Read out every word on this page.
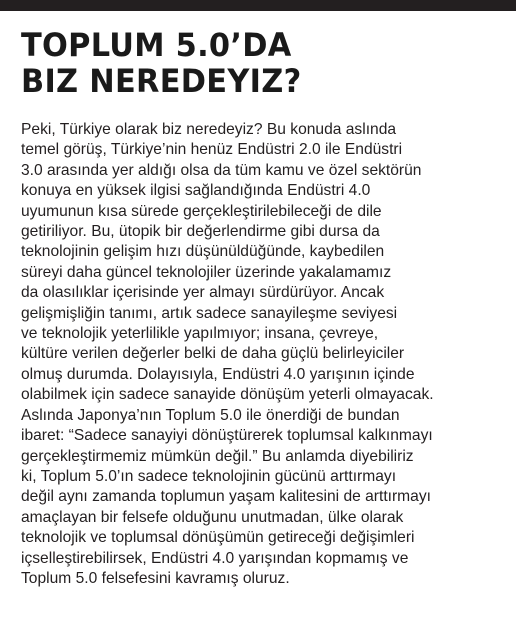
TOPLUM 5.0’DA
BIZ NEREDEYIZ?
Peki, Türkiye olarak biz neredeyiz? Bu konuda aslında
temel görüş, Türkiye’nin henüz Endüstri 2.0 ile Endüstri
3.0 arasında yer aldığı olsa da tüm kamu ve özel sektörün
konuya en yüksek ilgisi sağlandığında Endüstri 4.0
uyumunun kısa sürede gerçekleştirilebileceği de dile
getiriliyor. Bu, ütopik bir değerlendirme gibi dursa da
teknolojinin gelişim hızı düşünüldüğünde, kaybedilen
süreyi daha güncel teknolojiler üzerinde yakalamamız
da olasılıklar içerisinde yer almayı sürdürüyor. Ancak
gelişmişliğin tanımı, artık sadece sanayileşme seviyesi
ve teknolojik yeterlilikle yapılmıyor; insana, çevreye,
kültüre verilen değerler belki de daha güçlü belirleyiciler
olmuş durumda. Dolayısıyla, Endüstri 4.0 yarışının içinde
olabilmek için sadece sanayide dönüşüm yeterli olmayacak.
Aslında Japonya’nın Toplum 5.0 ile önerdiği de bundan
ibaret: “Sadece sanayiyi dönüştürerek toplumsal kalkınmayı
gerçekleştirmemiz mümkün değil.” Bu anlamda diyebiliriz
ki, Toplum 5.0’ın sadece teknolojinin gücünü arttırmayı
değil aynı zamanda toplumun yaşam kalitesini de arttırmayı
amaçlayan bir felsefe olduğunu unutmadan, ülke olarak
teknolojik ve toplumsal dönüşümün getireceği değişimleri
içselleştirebilirsek, Endüstri 4.0 yarışından kopmamış ve
Toplum 5.0 felsefesini kavramış oluruz.
